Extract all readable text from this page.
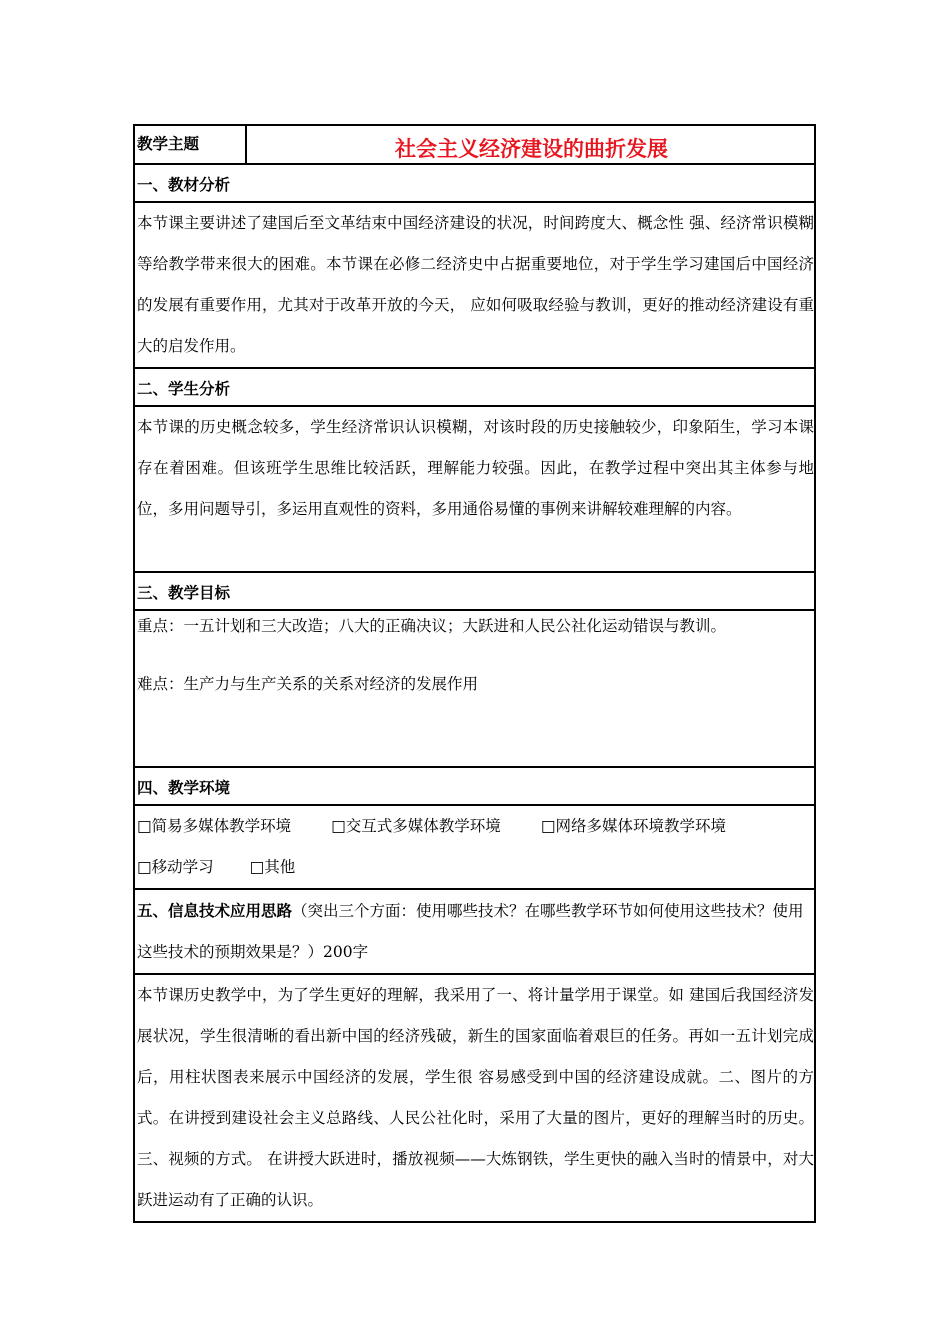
教学主题	社会主义经济建设的曲折发展
一、教材分析
本节课主要讲述了建国后至文革结束中国经济建设的状况，时间跨度大、概念性 强、经济常识模糊等给教学带来很大的困难。本节课在必修二经济史中占据重要地位，对于学生学习建国后中国经济的发展有重要作用，尤其对于改革开放的今天， 应如何吸取经验与教训，更好的推动经济建设有重大的启发作用。
二、学生分析
本节课的历史概念较多，学生经济常识认识模糊，对该时段的历史接触较少，印象陌生，学习本课存在着困难。但该班学生思维比较活跃，理解能力较强。因此，在教学过程中突出其主体参与地位，多用问题导引，多运用直观性的资料，多用通俗易懂的事例来讲解较难理解的内容。
三、教学目标

重点：一五计划和三大改造；八大的正确决议；大跃进和人民公社化运动错误与教训。
难点：生产力与生产关系的关系对经济的发展作用

四、教学环境

□简易多媒体教学环境	□交互式多媒体教学环境	□网络多媒体环境教学环境
□移动学习 □其他

五、信息技术应用思路（突出三个方面：使用哪些技术？在哪些教学环节如何使用这些技术？使用这些技术的预期效果是？）200字
本节课历史教学中，为了学生更好的理解，我采用了一、将计量学用于课堂。如 建国后我国经济发展状况，学生很清晰的看出新中国的经济残破，新生的国家面临着艰巨的任务。再如一五计划完成后，用柱状图表来展示中国经济的发展，学生很 容易感受到中国的经济建设成就。二、图片的方式。在讲授到建设社会主义总路线、人民公社化时，采用了大量的图片，更好的理解当时的历史。三、视频的方式。 在讲授大跃进时，播放视频——大炼钢铁，学生更快的融入当时的情景中，对大跃进运动有了正确的认识。
